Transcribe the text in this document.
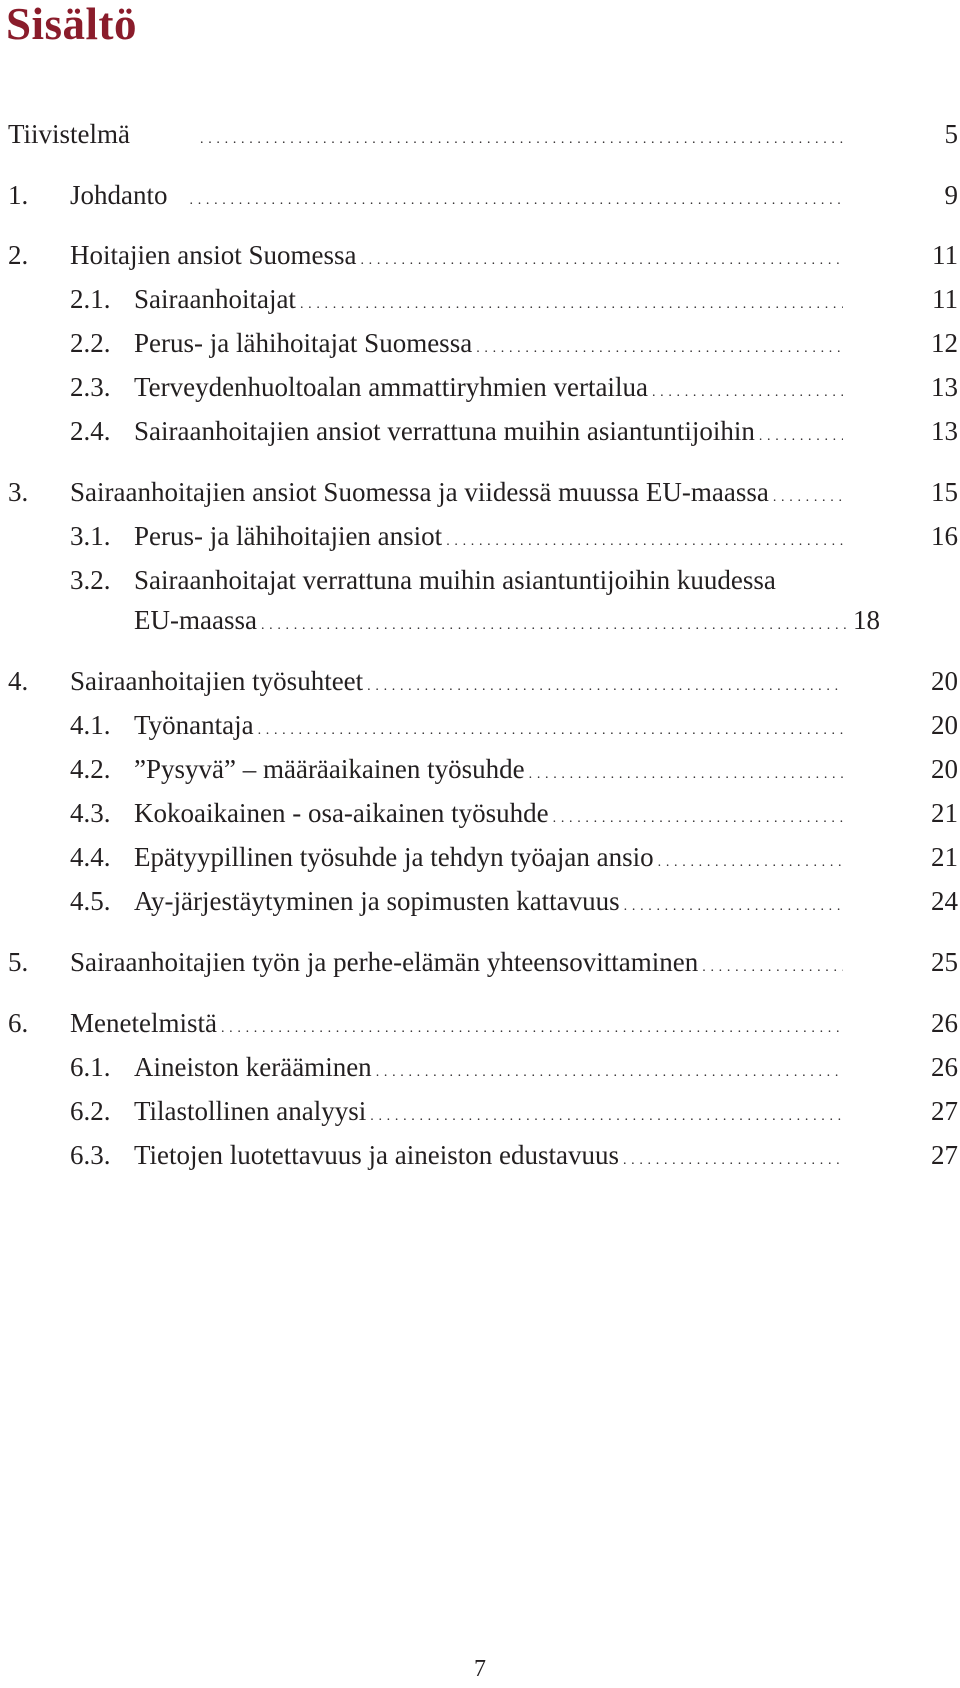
Sisältö
Tiivistelmä . . .	5
1. Johdanto . . .	9
2. Hoitajien ansiot Suomessa . . .	11
2.1. Sairaanhoitajat . . .	11
2.2. Perus- ja lähihoitajat Suomessa . . .	12
2.3. Terveydenhuoltoalan ammattiryhmien vertailua . . .	13
2.4. Sairaanhoitajien ansiot verrattuna muihin asiantuntijoihin . . .	13
3. Sairaanhoitajien ansiot Suomessa ja viidessä muussa EU-maassa . . .	15
3.1. Perus- ja lähihoitajien ansiot . . .	16
3.2. Sairaanhoitajat verrattuna muihin asiantuntijoihin kuudessa
EU-maassa . . .	18
4. Sairaanhoitajien työsuhteet . . .	20
4.1. Työnantaja . . .	20
4.2. ”Pysyvä” – määräaikainen työsuhde . . .	20
4.3. Kokoaikainen - osa-aikainen työsuhde . . .	21
4.4. Epätyypillinen työsuhde ja tehdyn työajan ansio . . .	21
4.5. Ay-järjestäytyminen ja sopimusten kattavuus . . .	24
5. Sairaanhoitajien työn ja perhe-elämän yhteensovittaminen . . .	25
6. Menetelmistä . . .	26
6.1. Aineiston kerääminen . . .	26
6.2. Tilastollinen analyysi . . .	27
6.3. Tietojen luotettavuus ja aineiston edustavuus . . .	27
7
